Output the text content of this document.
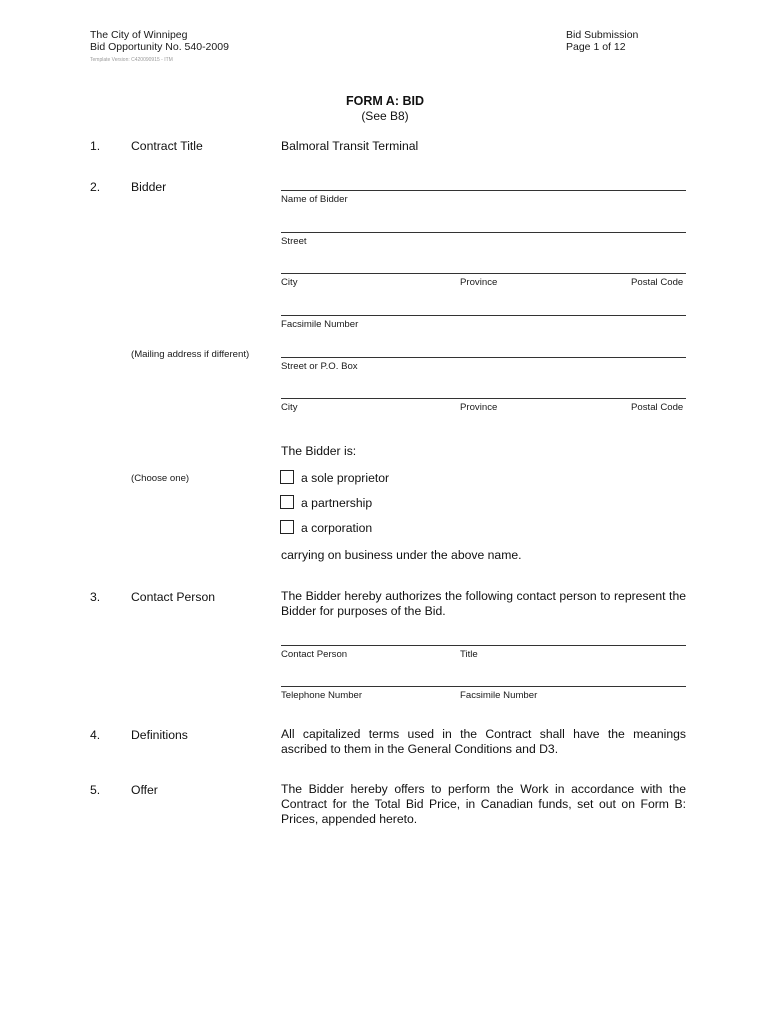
The City of Winnipeg
Bid Opportunity No. 540-2009
Template Version: C420090915 - ITM
Bid Submission
Page 1 of 12
FORM A: BID
(See B8)
1.	Contract Title	Balmoral Transit Terminal
2.	Bidder
Name of Bidder
Street
City	Province	Postal Code
Facsimile Number
(Mailing address if different)
Street or P.O. Box
City	Province	Postal Code
The Bidder is:
(Choose one)	a sole proprietor
a partnership
a corporation
carrying on business under the above name.
3.	Contact Person	The Bidder hereby authorizes the following contact person to represent the Bidder for purposes of the Bid.
Contact Person	Title
Telephone Number	Facsimile Number
4.	Definitions	All capitalized terms used in the Contract shall have the meanings ascribed to them in the General Conditions and D3.
5.	Offer	The Bidder hereby offers to perform the Work in accordance with the Contract for the Total Bid Price, in Canadian funds, set out on Form B: Prices, appended hereto.
